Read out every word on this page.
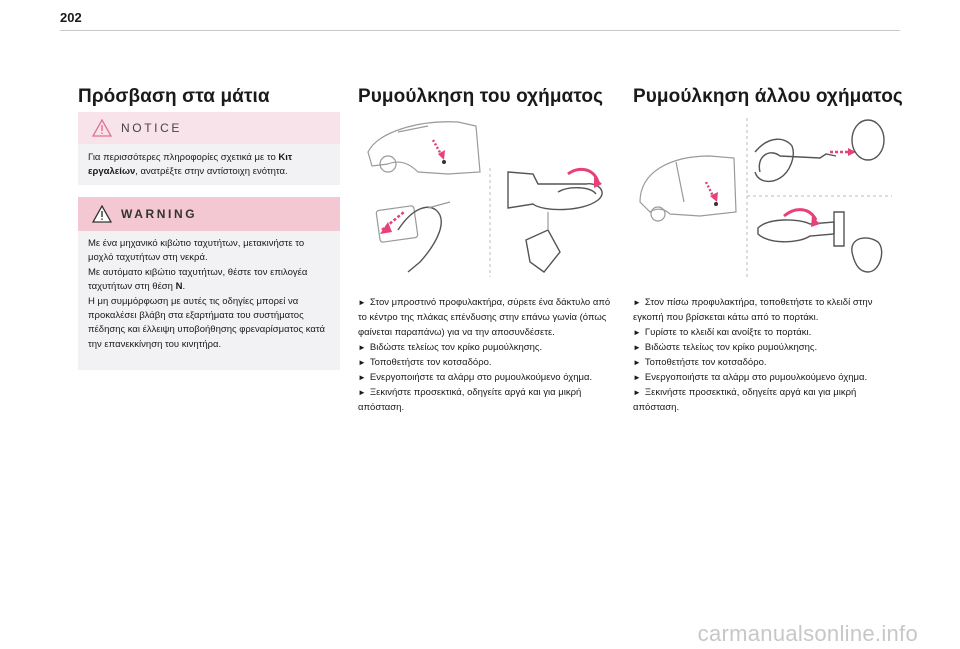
202
Πρόσβαση στα μάτια
NOTICE
Για περισσότερες πληροφορίες σχετικά με το Κιτ εργαλείων, ανατρέξτε στην αντίστοιχη ενότητα.
WARNING
Με ένα μηχανικό κιβώτιο ταχυτήτων, μετακινήστε το μοχλό ταχυτήτων στη νεκρά.
Με αυτόματο κιβώτιο ταχυτήτων, θέστε τον επιλογέα ταχυτήτων στη θέση N.
Η μη συμμόρφωση με αυτές τις οδηγίες μπορεί να προκαλέσει βλάβη στα εξαρτήματα του συστήματος πέδησης και έλλειψη υποβοήθησης φρεναρίσματος κατά την επανεκκίνηση του κινητήρα.
Ρυμούλκηση του οχήματος

► Στον μπροστινό προφυλακτήρα, σύρετε ένα δάκτυλο από το κέντρο της πλάκας επένδυσης στην επάνω γωνία (όπως φαίνεται παραπάνω) για να την αποσυνδέσετε.

► Βιδώστε τελείως τον κρίκο ρυμούλκησης.

► Τοποθετήστε τον κοτσαδόρο.

► Ενεργοποιήστε τα αλάρμ στο ρυμουλκούμενο όχημα.

► Ξεκινήστε προσεκτικά, οδηγείτε αργά και για μικρή απόσταση.

Ρυμούλκηση άλλου οχήματος

► Στον πίσω προφυλακτήρα, τοποθετήστε το κλειδί στην εγκοπή που βρίσκεται κάτω από το πορτάκι.

► Γυρίστε το κλειδί και ανοίξτε το πορτάκι.

► Βιδώστε τελείως τον κρίκο ρυμούλκησης.

► Τοποθετήστε τον κοτσαδόρο.

► Ενεργοποιήστε τα αλάρμ στο ρυμουλκούμενο όχημα.

► Ξεκινήστε προσεκτικά, οδηγείτε αργά και για μικρή απόσταση.

carmanualsonline.info
